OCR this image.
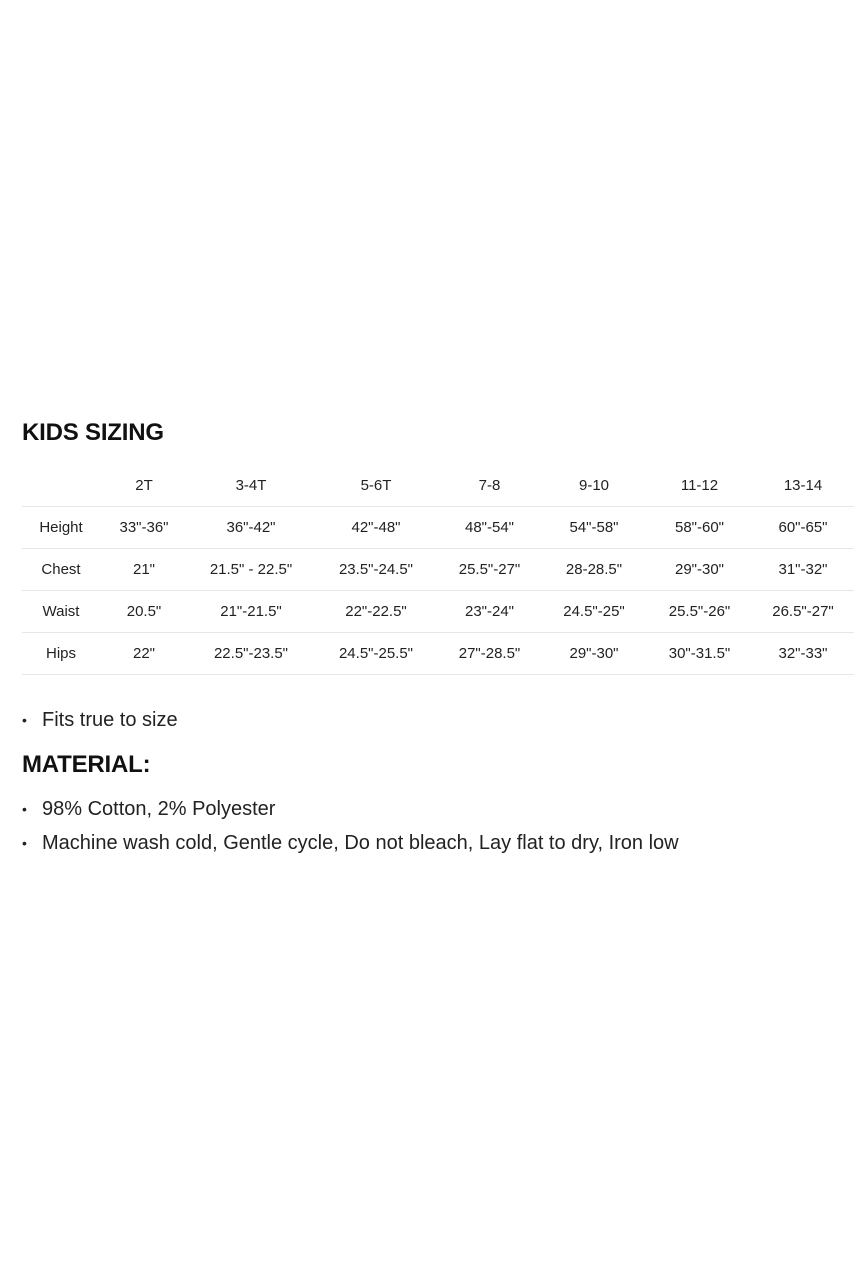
KIDS SIZING
	2T	3-4T	5-6T	7-8	9-10	11-12	13-14
Height	33"-36"	36"-42"	42"-48"	48"-54"	54"-58"	58"-60"	60"-65"
Chest	21"	21.5" - 22.5"	23.5"-24.5"	25.5"-27"	28-28.5"	29"-30"	31"-32"
Waist	20.5"	21"-21.5"	22"-22.5"	23"-24"	24.5"-25"	25.5"-26"	26.5"-27"
Hips	22"	22.5"-23.5"	24.5"-25.5"	27"-28.5"	29"-30"	30"-31.5"	32"-33"
• Fits true to size
MATERIAL:
• 98% Cotton, 2% Polyester
• Machine wash cold, Gentle cycle, Do not bleach, Lay flat to dry, Iron low
